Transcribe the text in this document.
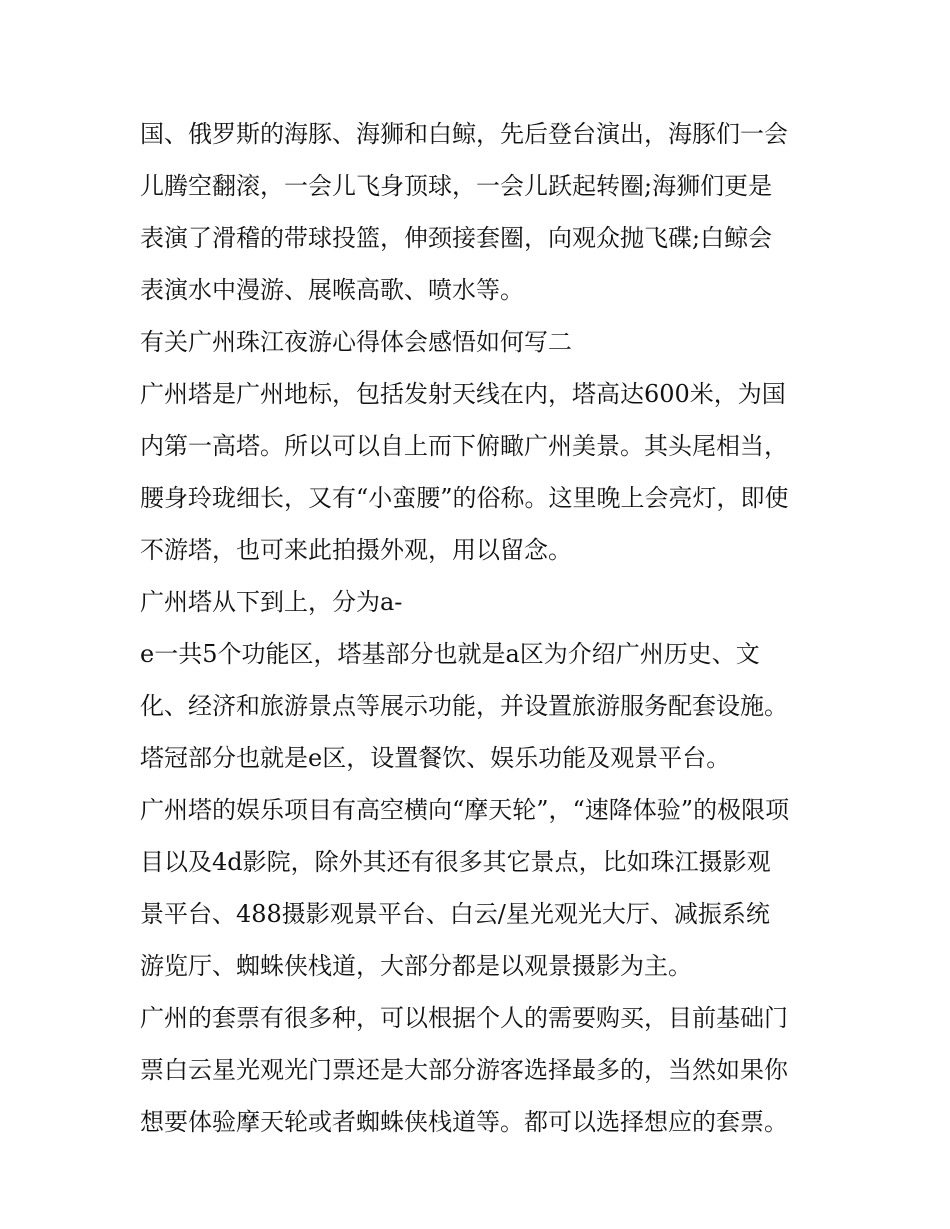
国、俄罗斯的海豚、海狮和白鲸，先后登台演出，海豚们一会
儿腾空翻滚，一会儿飞身顶球，一会儿跃起转圈;海狮们更是
表演了滑稽的带球投篮，伸颈接套圈，向观众抛飞碟;白鲸会
表演水中漫游、展喉高歌、喷水等。
有关广州珠江夜游心得体会感悟如何写二
广州塔是广州地标，包括发射天线在内，塔高达600米，为国
内第一高塔。所以可以自上而下俯瞰广州美景。其头尾相当，
腰身玲珑细长，又有“小蛮腰”的俗称。这里晚上会亮灯，即使
不游塔，也可来此拍摄外观，用以留念。
广州塔从下到上，分为a-
e一共5个功能区，塔基部分也就是a区为介绍广州历史、文
化、经济和旅游景点等展示功能，并设置旅游服务配套设施。
塔冠部分也就是e区，设置餐饮、娱乐功能及观景平台。
广州塔的娱乐项目有高空横向“摩天轮”，“速降体验”的极限项
目以及4d影院，除外其还有很多其它景点，比如珠江摄影观
景平台、488摄影观景平台、白云/星光观光大厅、减振系统
游览厅、蜘蛛侠栈道，大部分都是以观景摄影为主。
广州的套票有很多种，可以根据个人的需要购买，目前基础门
票白云星光观光门票还是大部分游客选择最多的，当然如果你
想要体验摩天轮或者蜘蛛侠栈道等。都可以选择想应的套票。
